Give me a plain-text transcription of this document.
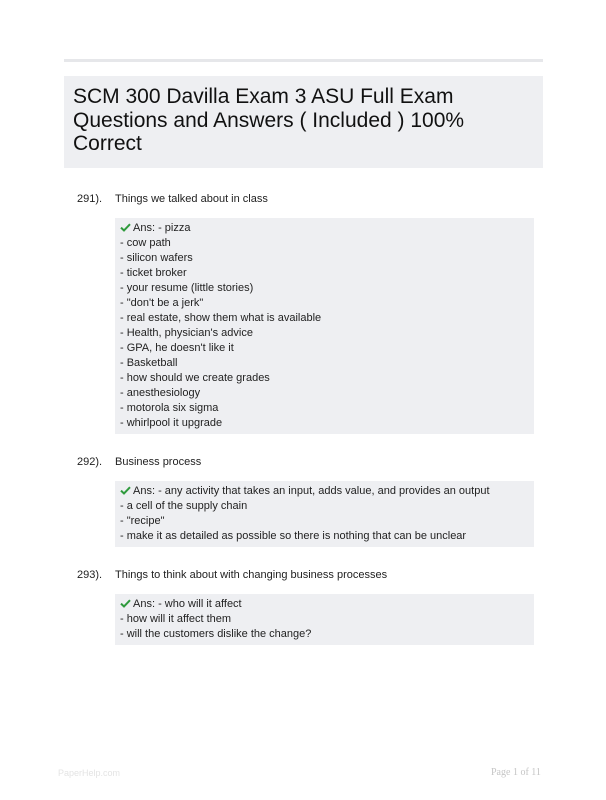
SCM 300 Davilla Exam 3 ASU Full Exam Questions and Answers ( Included ) 100% Correct
291). Things we talked about in class
Ans: - pizza
- cow path
- silicon wafers
- ticket broker
- your resume (little stories)
- "don't be a jerk"
- real estate, show them what is available
- Health, physician's advice
- GPA, he doesn't like it
- Basketball
- how should we create grades
- anesthesiology
- motorola six sigma
- whirlpool it upgrade
292). Business process
Ans: - any activity that takes an input, adds value, and provides an output
- a cell of the supply chain
- "recipe"
- make it as detailed as possible so there is nothing that can be unclear
293). Things to think about with changing business processes
Ans: - who will it affect
- how will it affect them
- will the customers dislike the change?
PaperHelp.com	Page 1 of 11
